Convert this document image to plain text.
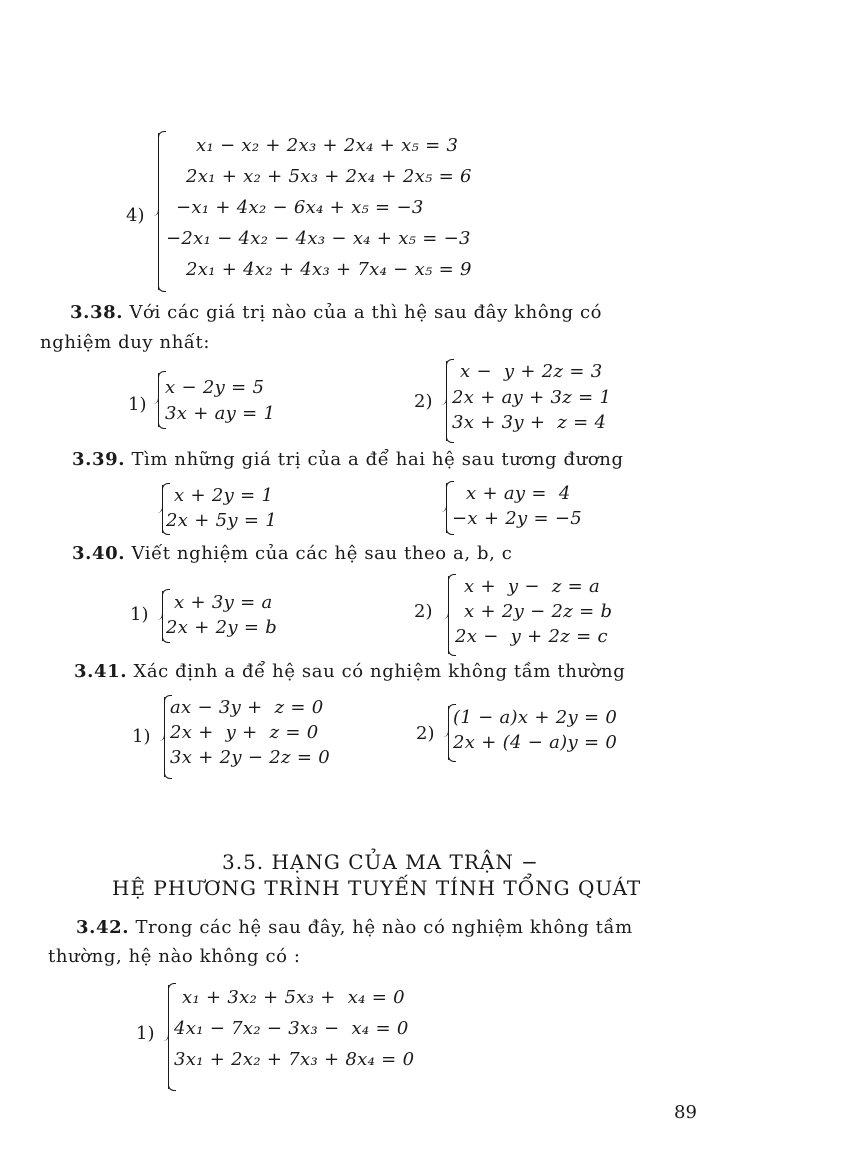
4)
x₁ − x₂ + 2x₃ + 2x₄ + x₅ = 3
2x₁ + x₂ + 5x₃ + 2x₄ + 2x₅ = 6
−x₁ + 4x₂ − 6x₄ + x₅ = −3
−2x₁ − 4x₂ − 4x₃ − x₄ + x₅ = −3
2x₁ + 4x₂ + 4x₃ + 7x₄ − x₅ = 9
3.38. Với các giá trị nào của a thì hệ sau đây không có
nghiệm duy nhất:
1)
x − 2y = 5
3x + ay = 1
2)
x −  y + 2z = 3
2x + ay + 3z = 1
3x + 3y +  z = 4
3.39. Tìm những giá trị của a để hai hệ sau tương đương
x + 2y = 1
2x + 5y = 1
x + ay =  4
−x + 2y = −5
3.40. Viết nghiệm của các hệ sau theo a, b, c
1)
x + 3y = a
2x + 2y = b
2)
x +  y −  z = a
x + 2y − 2z = b
2x −  y + 2z = c
3.41. Xác định a để hệ sau có nghiệm không tầm thường
1)
ax − 3y +  z = 0
2x +  y +  z = 0
3x + 2y − 2z = 0
2)
(1 − a)x + 2y = 0
2x + (4 − a)y = 0
3.5. HẠNG CỦA MA TRẬN −
HỆ PHƯƠNG TRÌNH TUYẾN TÍNH TỔNG QUÁT
3.42. Trong các hệ sau đây, hệ nào có nghiệm không tầm
thường, hệ nào không có :
1)
x₁ + 3x₂ + 5x₃ +  x₄ = 0
4x₁ − 7x₂ − 3x₃ −  x₄ = 0
3x₁ + 2x₂ + 7x₃ + 8x₄ = 0
89
